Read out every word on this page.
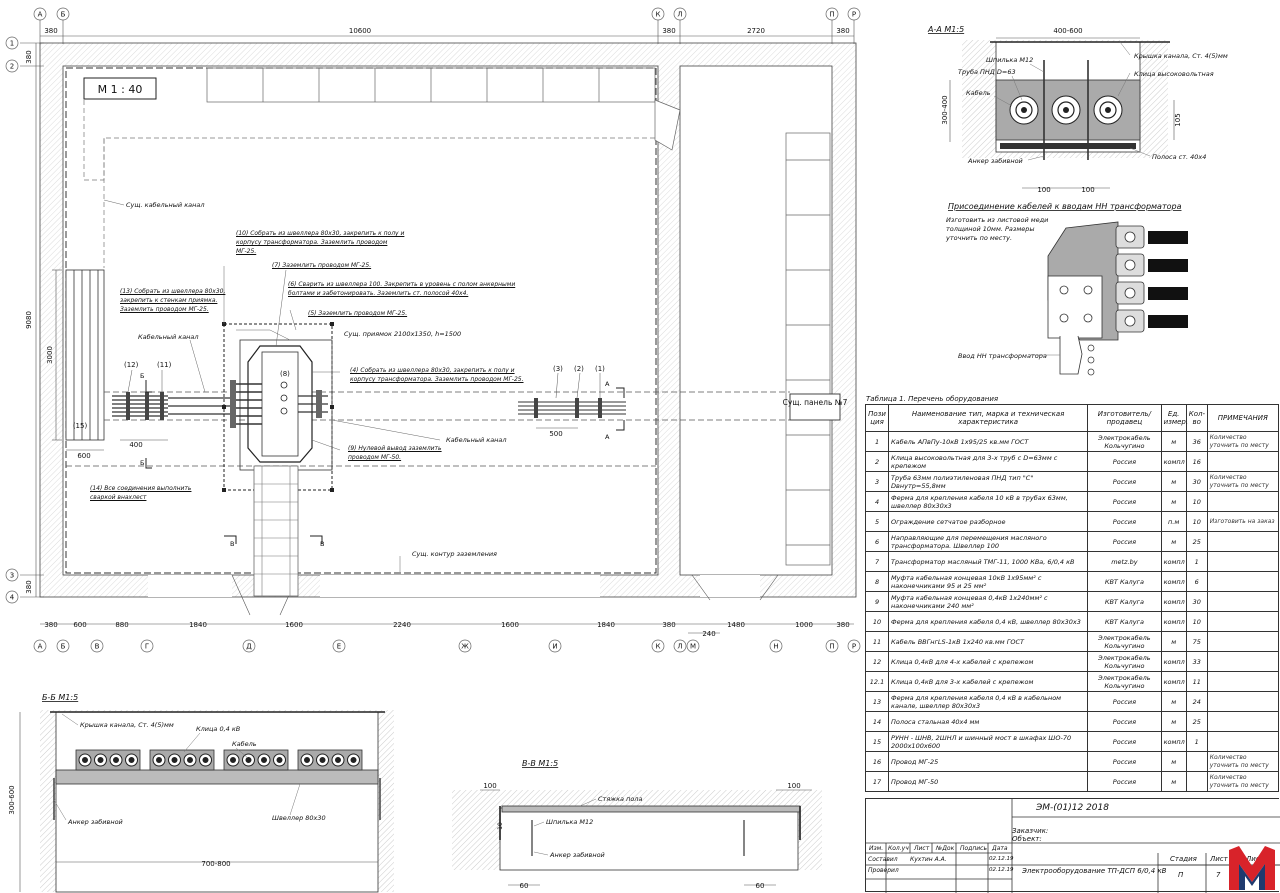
А	Б	К Л	П Р
380	10600	380	2720	380
1
2
3
4
380
9080
380
Сущ. панель №7
М 1 : 40
3000
400
600
(15)
(12)	(11)
Б
Б
(8)
(3) (2) (1)
500
А
А
В	В
Сущ. кабельный канал
Кабельный канал
Кабельный канал
Сущ. приямок 2100х1350, h=1500
Сущ. контур заземления
(10) Собрать из швеллера 80х30, закрепить к полу и корпусу трансформатора. Заземлить проводом МГ-25.
(7) Заземлить проводом МГ-25.
(6) Сварить из швеллера 100. Закрепить в уровень с полом анкерными болтами и забетонировать. Заземлить ст. полосой 40х4.
(5) Заземлить проводом МГ-25.
(4) Собрать из швеллера 80х30, закрепить к полу и корпусу трансформатора. Заземлить проводом МГ-25.
(9) Нулевой вывод заземлить проводом МГ-50.
(13) Собрать из швеллера 80х30, закрепить к стенкам приямка. Заземлить проводом МГ-25.
(14) Все соединения выполнить сваркой внахлест
380 600	880	1840	1600	2240	1600	1840	380
240
1480	1000	380
А	Б	В	Г	Д	Е	Ж	И	К Л М	Н	П Р
А-А М1:5	400-600
300-400	105
100	100
Шпилька М12
Труба ПНД D=63
Кабель
Крышка канала, Ст. 4(5)мм
Клица высоковольтная
Анкер забивной	Полоса ст. 40х4
Присоединение кабелей к вводам НН трансформатора
Изготовить из листовой меди толщиной 10мм. Размеры уточнить по месту.
Ввод НН трансформатора
Б-Б М1:5
300-600
700-800
Крышка канала, Ст. 4(5)мм	Клица 0,4 кВ
Кабель
Анкер забивной	Швеллер 80х30
В-В М1:5
100	100
10
60	60
Стяжка пола
Шпилька М12
Анкер забивной
Таблица 1. Перечень оборудования
Пози ция	Наименование тип, марка и техническая характеристика	Изготовитель/продавец	Ед. измер.	Кол-во	ПРИМЕЧАНИЯ
1	Кабель АПвПу-10кВ 1х95/25 кв.мм ГОСТ	Электрокабель Кольчугино	м	36	Количество уточнить по месту
2	Клица высоковольтная для 3-х труб с D=63мм с крепежом	Россия	компл	16	
3	Труба 63мм полиэтиленовая ПНД тип "С" Dвнутр=55,8мм	Россия	м	30	Количество уточнить по месту
4	Ферма для крепления кабеля 10 кВ в трубах 63мм, швеллер 80х30х3	Россия	м	10	
5	Ограждение сетчатое разборное	Россия	п.м	10	Изготовить на заказ
6	Направляющие для перемещения масляного трансформатора. Швеллер 100	Россия	м	25	
7	Трансформатор масляный ТМГ-11, 1000 КВа, 6/0,4 кВ	metz.by	компл	1	
8	Муфта кабельная концевая 10кВ 1х95мм² с наконечниками 95 и 25 мм²	КВТ Калуга	компл	6	
9	Муфта кабельная концевая 0,4кВ 1х240мм² с наконечниками 240 мм²	КВТ Калуга	компл	30	
10	Ферма для крепления кабеля 0,4 кВ, швеллер 80х30х3	КВТ Калуга	компл	10	
11	Кабель ВВГнгLS-1кВ 1х240 кв.мм ГОСТ	Электрокабель Кольчугино	м	75	
12	Клица 0,4кВ для 4-х кабелей с крепежом	Электрокабель Кольчугино	компл	33	
12.1	Клица 0,4кВ для 3-х кабелей с крепежом	Электрокабель Кольчугино	компл	11	
13	Ферма для крепления кабеля 0,4 кВ в кабельном канале, швеллер 80х30х3	Россия	м	24	
14	Полоса стальная 40х4 мм	Россия	м	25	
15	РУНН - ШНВ, 2ШНЛ и шинный мост в шкафах ШО-70 2000х100х600	Россия	компл	1	
16	Провод МГ-25	Россия	м		Количество уточнить по месту
17	Провод МГ-50	Россия	м		Количество уточнить по месту
ЭМ-(01)12 2018
Заказчик:
Объект:
Изм. Кол.уч Лист №Док Подпись Дата
Составил Кухтин А.А.	02.12.19
Проверил	02.12.19 Электрооборудование ТП-ДСП 6/0,4 кВ
Стадия Лист
П	7
